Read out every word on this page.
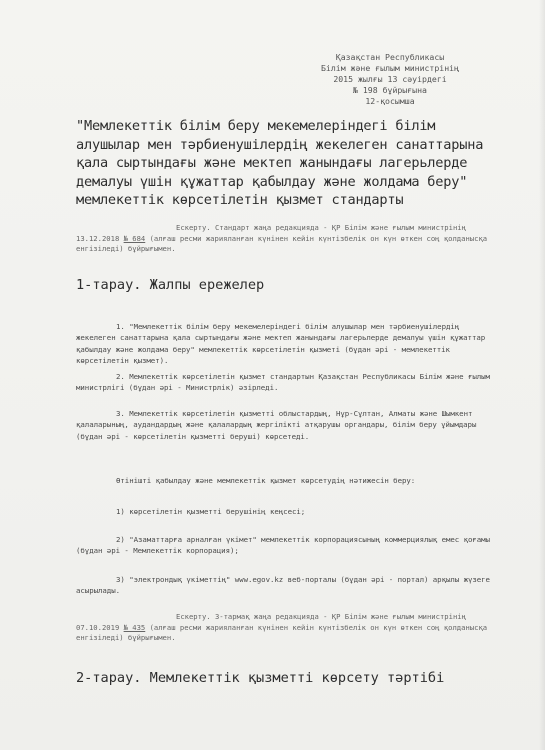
Қазақстан Республикасы
Білім және ғылым министрінің
2015 жылғы 13 сәуірдегі
№ 198 бұйрығына
12-қосымша
"Мемлекеттік білім беру мекемелеріндегі білім алушылар мен тәрбиенушілердің жекелеген санаттарына қала сыртындағы және мектеп жанындағы лагерьлерде демалуы үшін құжаттар қабылдау және жолдама беру" мемлекеттік көрсетілетін қызмет стандарты
Ескерту. Стандарт жаңа редакцияда - ҚР Білім және ғылым министрінің 13.12.2018 № 684 (алғаш ресми жарияланған күнінен кейін күнтізбелік он күн өткен соң қолданысқа енгізіледі) бұйрығымен.
1-тарау. Жалпы ережелер
1. "Мемлекеттік білім беру мекемелеріндегі білім алушылар мен тәрбиенушілердің жекелеген санаттарына қала сыртындағы және мектеп жанындағы лагерьлерде демалуы үшін құжаттар қабылдау және жолдама беру" мемлекеттік көрсетілетін қызметі (бұдан әрі - мемлекеттік көрсетілетін қызмет).
2. Мемлекеттік көрсетілетін қызмет стандартын Қазақстан Республикасы Білім және ғылым министрлігі (бұдан әрі - Министрлік) әзірледі.
3. Мемлекеттік көрсетілетін қызметті облыстардың, Нұр-Сұлтан, Алматы және Шымкент қалаларының, аудандардың және қалалардың жергілікті атқарушы органдары, білім беру ұйымдары (бұдан әрі - көрсетілетін қызметті беруші) көрсетеді.
Өтінішті қабылдау және мемлекеттік қызмет көрсетудің нәтижесін беру:
1) көрсетілетін қызметті берушінің кеңсесі;
2) "Азаматтарға арналған үкімет" мемлекеттік корпорациясының коммерциялық емес қоғамы (бұдан әрі - Мемлекеттік корпорация);
3) "электрондық үкіметтің" www.egov.kz веб-порталы (бұдан әрі - портал) арқылы жүзеге асырылады.
Ескерту. 3-тармақ жаңа редакцияда - ҚР Білім және ғылым министрінің 07.10.2019 № 435 (алғаш ресми жарияланған күнінен кейін күнтізбелік он күн өткен соң қолданысқа енгізіледі) бұйрығымен.
2-тарау. Мемлекеттік қызметті көрсету тәртібі
